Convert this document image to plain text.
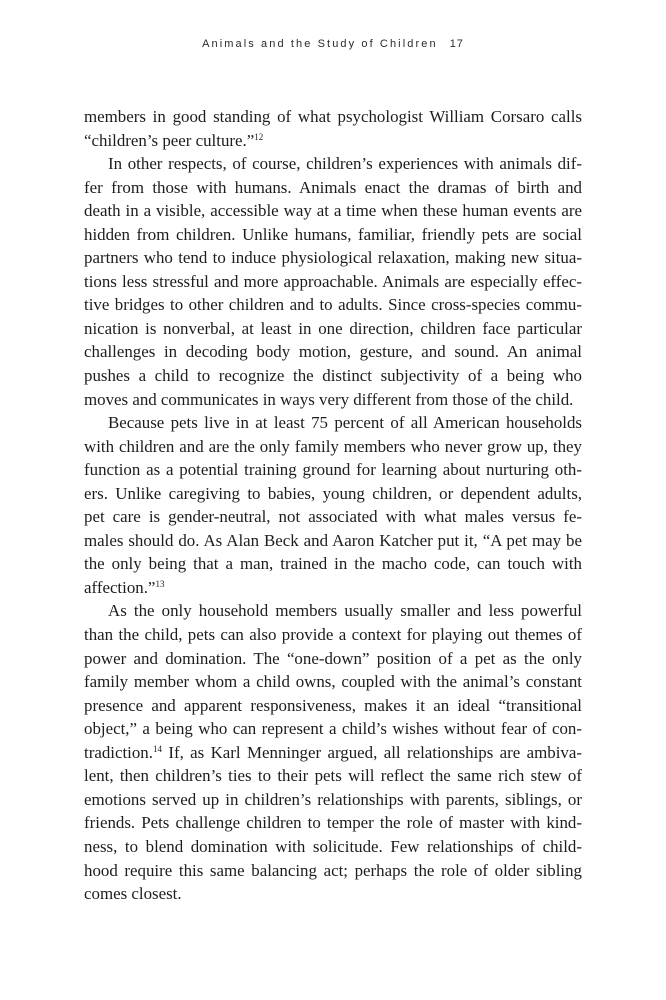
Animals and the Study of Children 17
members in good standing of what psychologist William Corsaro calls
“children’s peer culture.”$^{12}$
In other respects, of course, children’s experiences with animals dif-
fer from those with humans. Animals enact the dramas of birth and
death in a visible, accessible way at a time when these human events are
hidden from children. Unlike humans, familiar, friendly pets are social
partners who tend to induce physiological relaxation, making new situa-
tions less stressful and more approachable. Animals are especially effec-
tive bridges to other children and to adults. Since cross-species commu-
nication is nonverbal, at least in one direction, children face particular
challenges in decoding body motion, gesture, and sound. An animal
pushes a child to recognize the distinct subjectivity of a being who
moves and communicates in ways very different from those of the child.
Because pets live in at least 75 percent of all American households
with children and are the only family members who never grow up, they
function as a potential training ground for learning about nurturing oth-
ers. Unlike caregiving to babies, young children, or dependent adults,
pet care is gender-neutral, not associated with what males versus fe-
males should do. As Alan Beck and Aaron Katcher put it, “A pet may be
the only being that a man, trained in the macho code, can touch with
affection.”$^{13}$
As the only household members usually smaller and less powerful
than the child, pets can also provide a context for playing out themes of
power and domination. The “one-down” position of a pet as the only
family member whom a child owns, coupled with the animal’s constant
presence and apparent responsiveness, makes it an ideal “transitional
object,” a being who can represent a child’s wishes without fear of con-
tradiction.$^{14}$ If, as Karl Menninger argued, all relationships are ambiva-
lent, then children’s ties to their pets will reflect the same rich stew of
emotions served up in children’s relationships with parents, siblings, or
friends. Pets challenge children to temper the role of master with kind-
ness, to blend domination with solicitude. Few relationships of child-
hood require this same balancing act; perhaps the role of older sibling
comes closest.
